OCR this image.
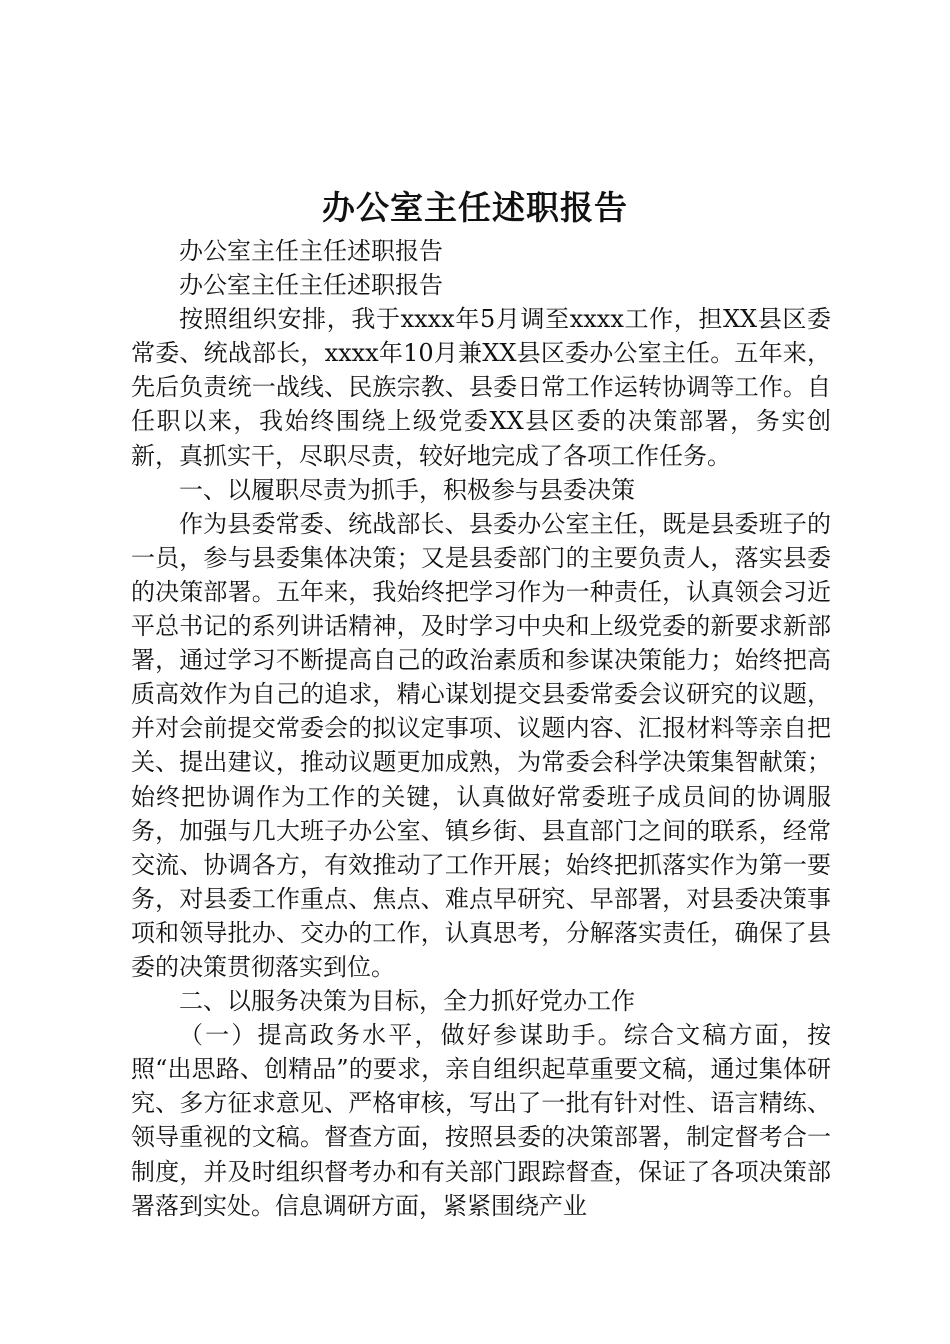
办公室主任述职报告

办公室主任主任述职报告

办公室主任主任述职报告

按照组织安排，我于xxxx年5月调至xxxx工作，担XX县区委常委、统战部长，xxxx年10月兼XX县区委办公室主任。五年来，先后负责统一战线、民族宗教、县委日常工作运转协调等工作。自任职以来，我始终围绕上级党委XX县区委的决策部署，务实创新，真抓实干，尽职尽责，较好地完成了各项工作任务。

一、以履职尽责为抓手，积极参与县委决策

作为县委常委、统战部长、县委办公室主任，既是县委班子的一员，参与县委集体决策；又是县委部门的主要负责人，落实县委的决策部署。五年来，我始终把学习作为一种责任，认真领会习近平总书记的系列讲话精神，及时学习中央和上级党委的新要求新部署，通过学习不断提高自己的政治素质和参谋决策能力；始终把高质高效作为自己的追求，精心谋划提交县委常委会议研究的议题，并对会前提交常委会的拟议定事项、议题内容、汇报材料等亲自把关、提出建议，推动议题更加成熟，为常委会科学决策集智献策；始终把协调作为工作的关键，认真做好常委班子成员间的协调服务，加强与几大班子办公室、镇乡街、县直部门之间的联系，经常交流、协调各方，有效推动了工作开展；始终把抓落实作为第一要务，对县委工作重点、焦点、难点早研究、早部署，对县委决策事项和领导批办、交办的工作，认真思考，分解落实责任，确保了县委的决策贯彻落实到位。

二、以服务决策为目标，全力抓好党办工作

（一）提高政务水平，做好参谋助手。综合文稿方面，按照“出思路、创精品”的要求，亲自组织起草重要文稿，通过集体研究、多方征求意见、严格审核，写出了一批有针对性、语言精练、领导重视的文稿。督查方面，按照县委的决策部署，制定督考合一制度，并及时组织督考办和有关部门跟踪督查，保证了各项决策部署落到实处。信息调研方面，紧紧围绕产业
